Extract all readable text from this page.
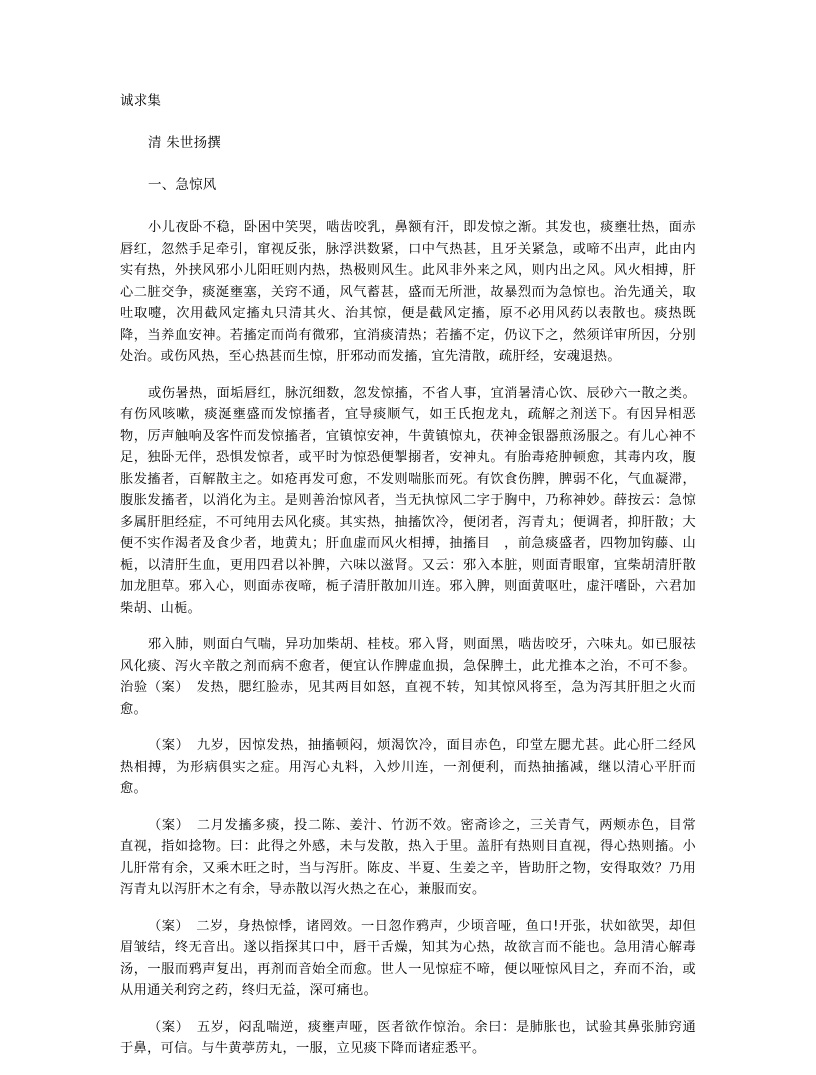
诚求集
清 朱世扬撰
一、急惊风

小儿夜卧不稳，卧困中笑哭，啮齿咬乳，鼻额有汗，即发惊之渐。其发也，痰壅壮热，面赤唇红，忽然手足牵引，窜视反张，脉浮洪数紧，口中气热甚，且牙关紧急，或啼不出声，此由内实有热，外挟风邪小儿阳旺则内热，热极则风生。此风非外来之风，则内出之风。风火相搏，肝心二脏交争，痰涎壅塞，关窍不通，风气蓄甚，盛而无所泄，故暴烈而为急惊也。治先通关，取吐取嚏，次用截风定搐丸只清其火、治其惊，便是截风定搐，原不必用风药以表散也。痰热既降，当养血安神。若搐定而尚有微邪，宜消痰清热；若搐不定，仍议下之，然须详审所因，分别处治。或伤风热，至心热甚而生惊，肝邪动而发搐，宜先清散，疏肝经，安魂退热。

或伤暑热，面垢唇红，脉沉细数，忽发惊搐，不省人事，宜消暑清心饮、辰砂六一散之类。有伤风咳嗽，痰涎壅盛而发惊搐者，宜导痰顺气，如王氏抱龙丸，疏解之剂送下。有因异相恶物，厉声触响及客忤而发惊搐者，宜镇惊安神，牛黄镇惊丸，茯神金银器煎汤服之。有儿心神不足，独卧无伴，恐惧发惊者，或平时为惊恐便掣搦者，安神丸。有胎毒疮肿顿愈，其毒内攻，腹胀发搐者，百解散主之。如疮再发可愈，不发则喘胀而死。有饮食伤脾，脾弱不化，气血凝滞，腹胀发搐者，以消化为主。是则善治惊风者，当无执惊风二字于胸中，乃称神妙。薛按云：急惊多属肝胆经症，不可纯用去风化痰。其实热，抽搐饮冷，便闭者，泻青丸；便调者，抑肝散；大便不实作渴者及食少者，地黄丸；肝血虚而风火相搏，抽搐目　，前急痰盛者，四物加钩藤、山栀，以清肝生血，更用四君以补脾，六味以滋肾。又云：邪入本脏，则面青眼窜，宜柴胡清肝散加龙胆草。邪入心，则面赤夜啼，栀子清肝散加川连。邪入脾，则面黄呕吐，虚汗嗜卧，六君加柴胡、山栀。

邪入肺，则面白气喘，异功加柴胡、桂枝。邪入肾，则面黑，啮齿咬牙，六味丸。如已服祛风化痰、泻火辛散之剂而病不愈者，便宜认作脾虚血损，急保脾土，此尤推本之治，不可不参。治验（案）　发热，腮红脸赤，见其两目如怒，直视不转，知其惊风将至，急为泻其肝胆之火而愈。

（案）　九岁，因惊发热，抽搐顿闷，烦渴饮冷，面目赤色，印堂左腮尤甚。此心肝二经风热相搏，为形病俱实之症。用泻心丸料，入炒川连，一剂便利，而热抽搐减，继以清心平肝而愈。

（案）　二月发搐多痰，投二陈、姜汁、竹沥不效。密斋诊之，三关青气，两颊赤色，目常直视，指如捻物。曰：此得之外感，未与发散，热入于里。盖肝有热则目直视，得心热则搐。小儿肝常有余，又乘木旺之时，当与泻肝。陈皮、半夏、生姜之辛，皆助肝之物，安得取效？乃用泻青丸以泻肝木之有余，导赤散以泻火热之在心，兼服而安。

（案）　二岁，身热惊悸，诸罔效。一日忽作鸦声，少顷音哑，鱼口!开张，状如欲哭，却但眉皱结，终无音出。遂以指探其口中，唇干舌燥，知其为心热，故欲言而不能也。急用清心解毒汤，一服而鸦声复出，再剂而音始全而愈。世人一见惊症不啼，便以哑惊风目之，弃而不治，或从用通关利窍之药，终归无益，深可痛也。

（案）　五岁，闷乱喘逆，痰壅声哑，医者欲作惊治。余曰：是肺胀也，试验其鼻张肺窍通于鼻，可信。与牛黄葶苈丸，一服，立见痰下降而诸症悉平。
